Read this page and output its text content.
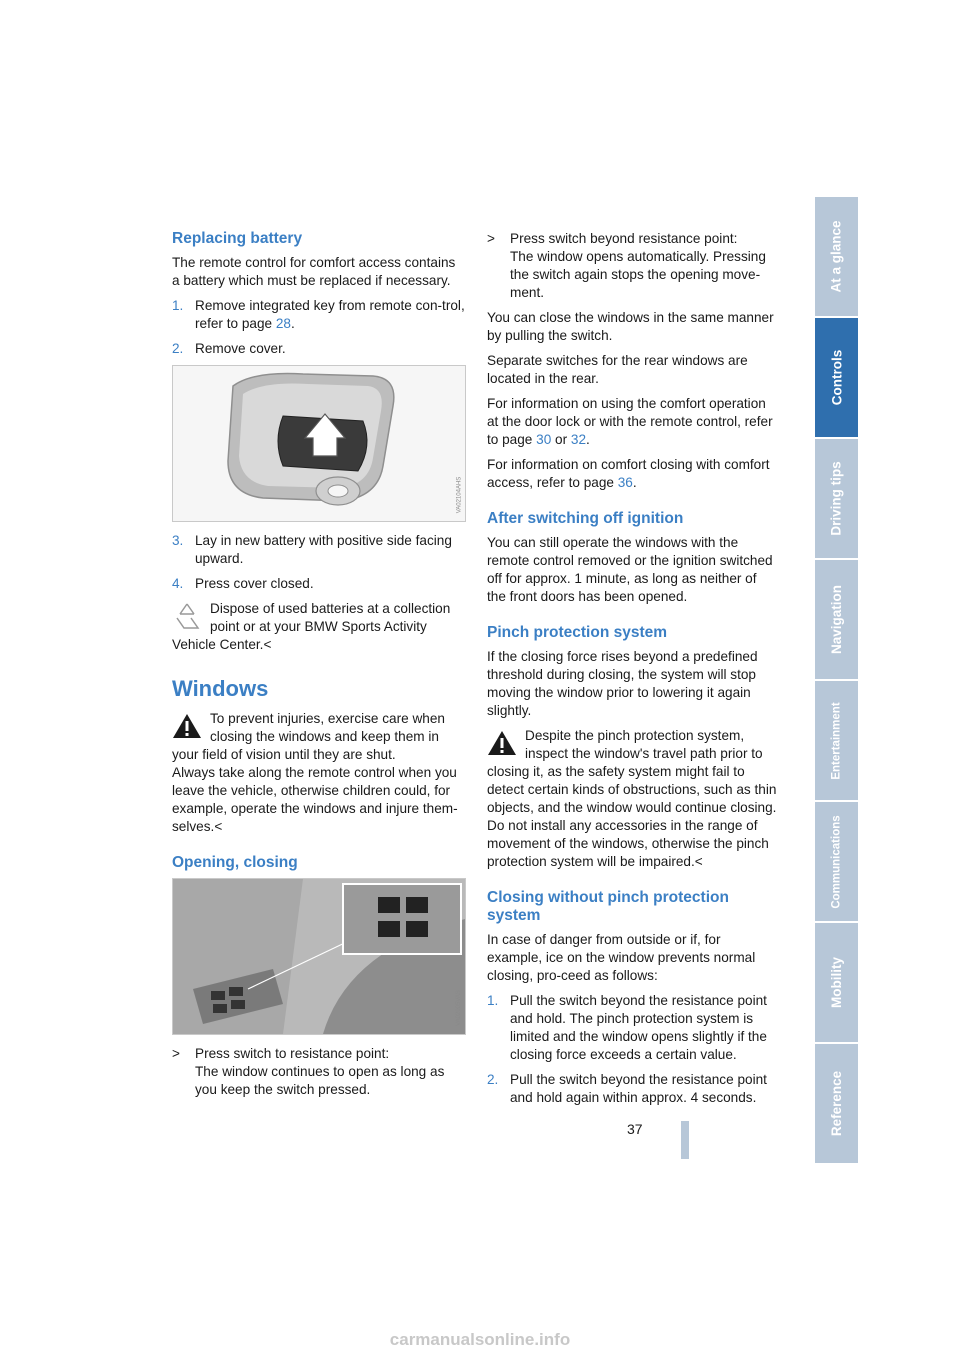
Replacing battery

The remote control for comfort access contains a battery which must be replaced if necessary.

1. Remove integrated key from remote con-trol, refer to page 28.
2. Remove cover.
VA02104AHS
3. Lay in new battery with positive side facing upward.
4. Press cover closed.
Dispose of used batteries at a collection point or at your BMW Sports Activity Vehicle Center.<
Windows
To prevent injuries, exercise care when closing the windows and keep them in your field of vision until they are shut.
Always take along the remote control when you leave the vehicle, otherwise children could, for example, operate the windows and injure them-selves.<
Opening, closing
VA02005VAS
> Press switch to resistance point:
The window continues to open as long as you keep the switch pressed.
> Press switch beyond resistance point:
The window opens automatically. Pressing the switch again stops the opening move-ment.

You can close the windows in the same manner by pulling the switch.

Separate switches for the rear windows are located in the rear.

For information on using the comfort operation at the door lock or with the remote control, refer to page 30 or 32.

For information on comfort closing with comfort access, refer to page 36.

After switching off ignition

You can still operate the windows with the remote control removed or the ignition switched off for approx. 1 minute, as long as neither of the front doors has been opened.

Pinch protection system

If the closing force rises beyond a predefined threshold during closing, the system will stop moving the window prior to lowering it again slightly.

Despite the pinch protection system, inspect the window's travel path prior to closing it, as the safety system might fail to detect certain kinds of obstructions, such as thin objects, and the window would continue closing.
Do not install any accessories in the range of movement of the windows, otherwise the pinch protection system will be impaired.<
Closing without pinch protection system

In case of danger from outside or if, for example, ice on the window prevents normal closing, pro-ceed as follows:

1. Pull the switch beyond the resistance point and hold. The pinch protection system is limited and the window opens slightly if the closing force exceeds a certain value.
2. Pull the switch beyond the resistance point and hold again within approx. 4 seconds.
At a glance
Controls
Driving tips
Navigation
Entertainment
Communications
Mobility
Reference
37
carmanualsonline.info
